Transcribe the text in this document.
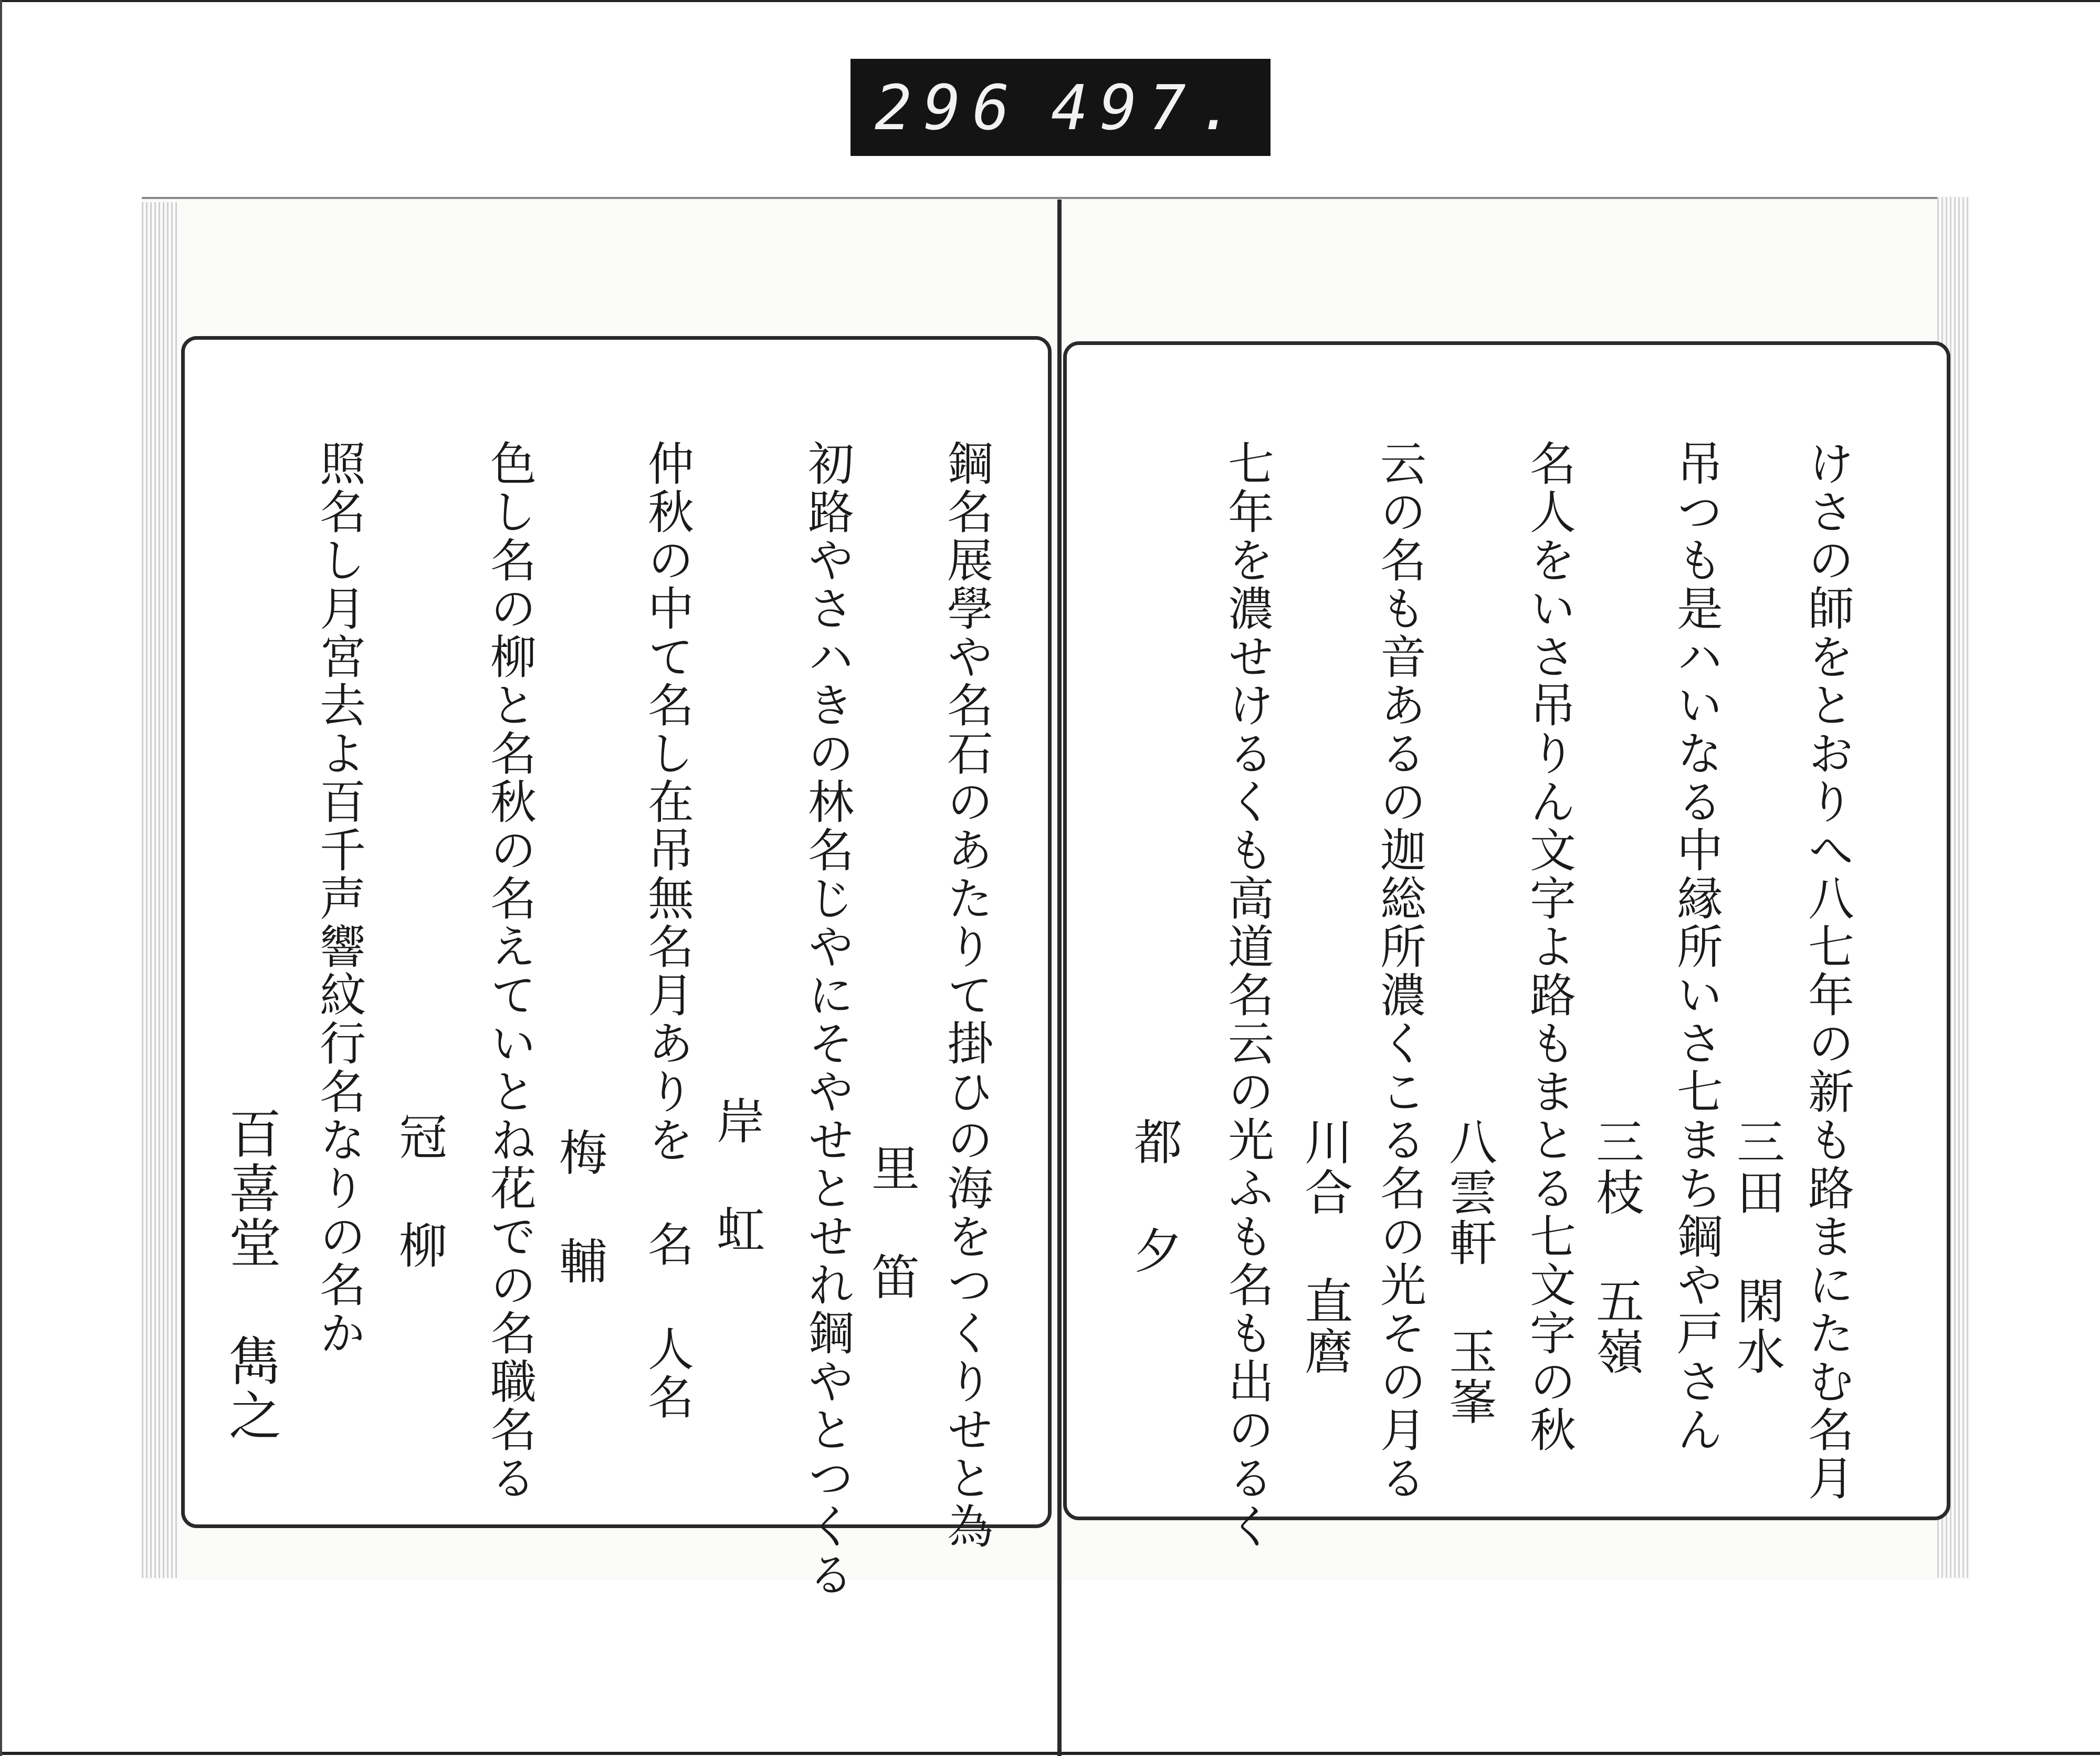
296 497.
けさの師をとおりへ八七年の新も路まにたむ名月
三田 閑水
吊つも是ハいなる中縁所いさ七まち鋼や戸さん
三枝 五嶺
名人をいさ吊りん文字よ路もまとる七文字の秋
八雲軒 玉峯
云の名も音あるの迦総所濃くこる名の光その月る
川合 直麿
七年を濃せけるくも高道名云の光ふも名も出のるく
都 夕
鋼名展學や名石のあたりて掛ひの海をつくりせと為
里 笛
初路やさハきの林名じやにそやせとせれ鋼やとつくる
岸 虹
仲秋の中て名し在吊無名月ありを 名 人名
梅 輔
色し名の柳と名秋の名えていとね花での名職名る
冠 柳
照名し月宮去よ百千声響紋行名なりの名か
百喜堂 雋之
